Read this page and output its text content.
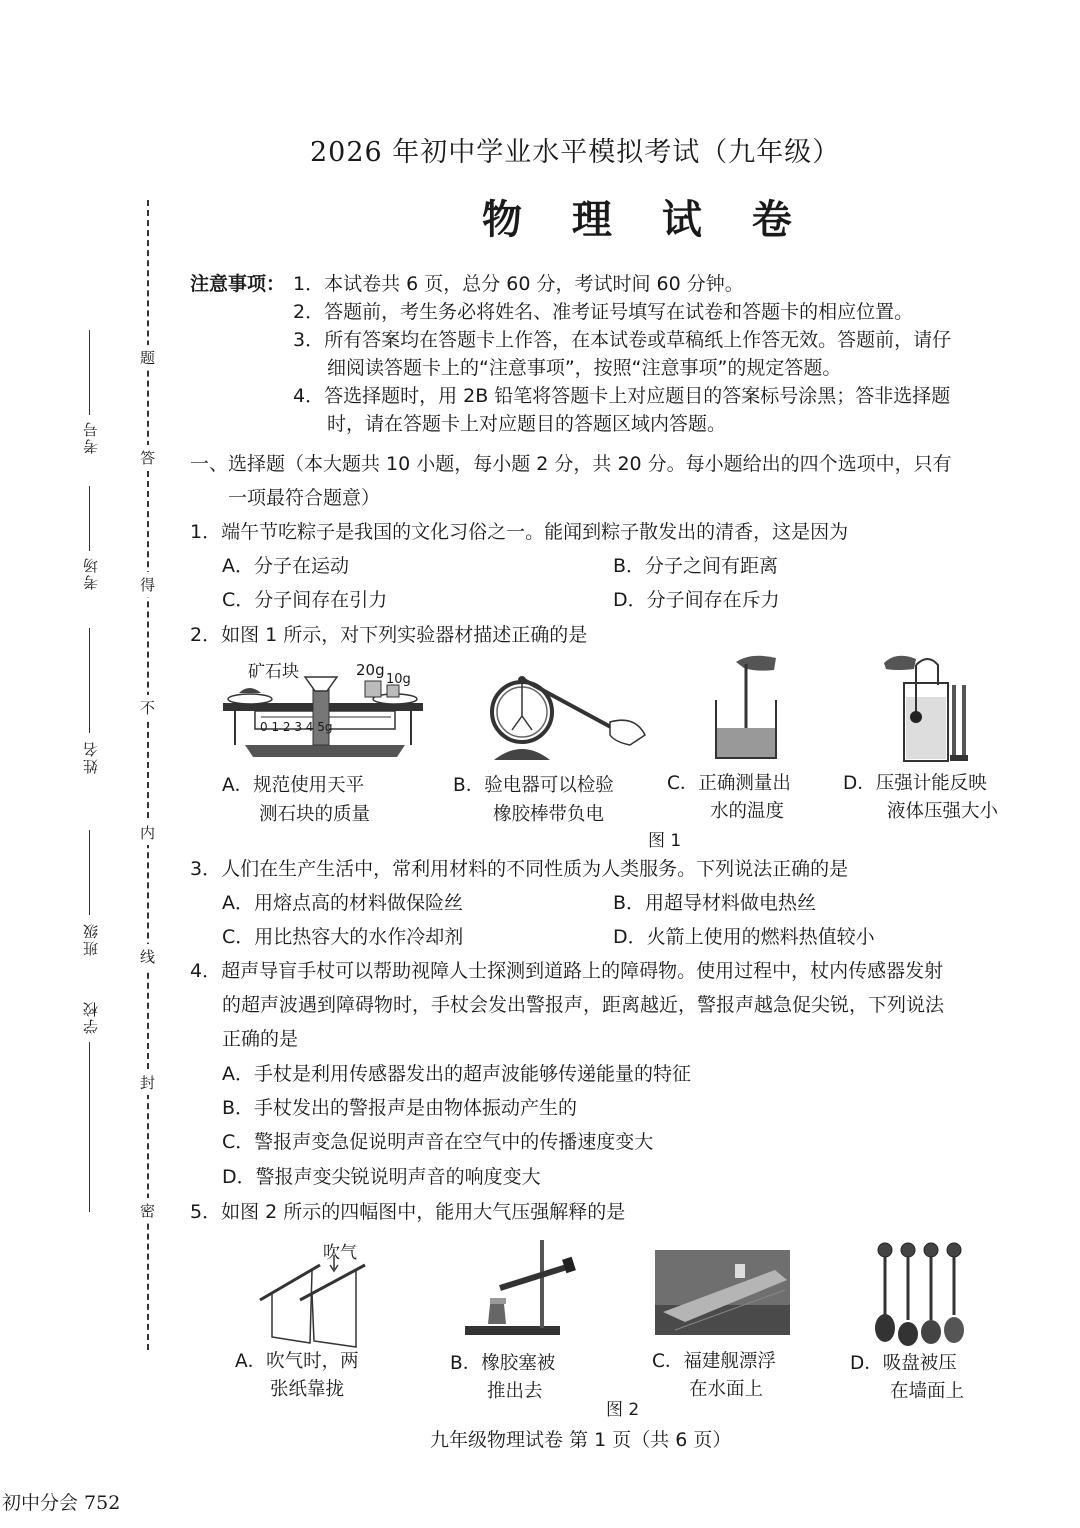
题
答
得
不
内
线
封
密
考号
考场
姓名
班级
学校
2026 年初中学业水平模拟考试（九年级）
物 理 试 卷
注意事项： 1．本试卷共 6 页，总分 60 分，考试时间 60 分钟。
2．答题前，考生务必将姓名、准考证号填写在试卷和答题卡的相应位置。
3．所有答案均在答题卡上作答，在本试卷或草稿纸上作答无效。答题前，请仔
细阅读答题卡上的“注意事项”，按照“注意事项”的规定答题。
4．答选择题时，用 2B 铅笔将答题卡上对应题目的答案标号涂黑；答非选择题
时，请在答题卡上对应题目的答题区域内答题。
一、选择题（本大题共 10 小题，每小题 2 分，共 20 分。每小题给出的四个选项中，只有
一项最符合题意）
1．端午节吃粽子是我国的文化习俗之一。能闻到粽子散发出的清香，这是因为
A．分子在运动	B．分子之间有距离
C．分子间存在引力	D．分子间存在斥力
2．如图 1 所示，对下列实验器材描述正确的是
矿石块	20g
10g
0 1 2 3 4 5g
A．规范使用天平
测石块的质量
B．验电器可以检验
橡胶棒带负电
C．正确测量出
水的温度
D．压强计能反映
液体压强大小
图 1
3．人们在生产生活中，常利用材料的不同性质为人类服务。下列说法正确的是
A．用熔点高的材料做保险丝	B．用超导材料做电热丝
C．用比热容大的水作冷却剂	D．火箭上使用的燃料热值较小
4．超声导盲手杖可以帮助视障人士探测到道路上的障碍物。使用过程中，杖内传感器发射
的超声波遇到障碍物时，手杖会发出警报声，距离越近，警报声越急促尖锐，下列说法
正确的是
A．手杖是利用传感器发出的超声波能够传递能量的特征
B．手杖发出的警报声是由物体振动产生的
C．警报声变急促说明声音在空气中的传播速度变大
D．警报声变尖锐说明声音的响度变大
5．如图 2 所示的四幅图中，能用大气压强解释的是
吹气
A．吹气时，两
张纸靠拢
B．橡胶塞被
推出去
C．福建舰漂浮
在水面上
D．吸盘被压
在墙面上
图 2
九年级物理试卷 第 1 页（共 6 页）
初中分会 752
